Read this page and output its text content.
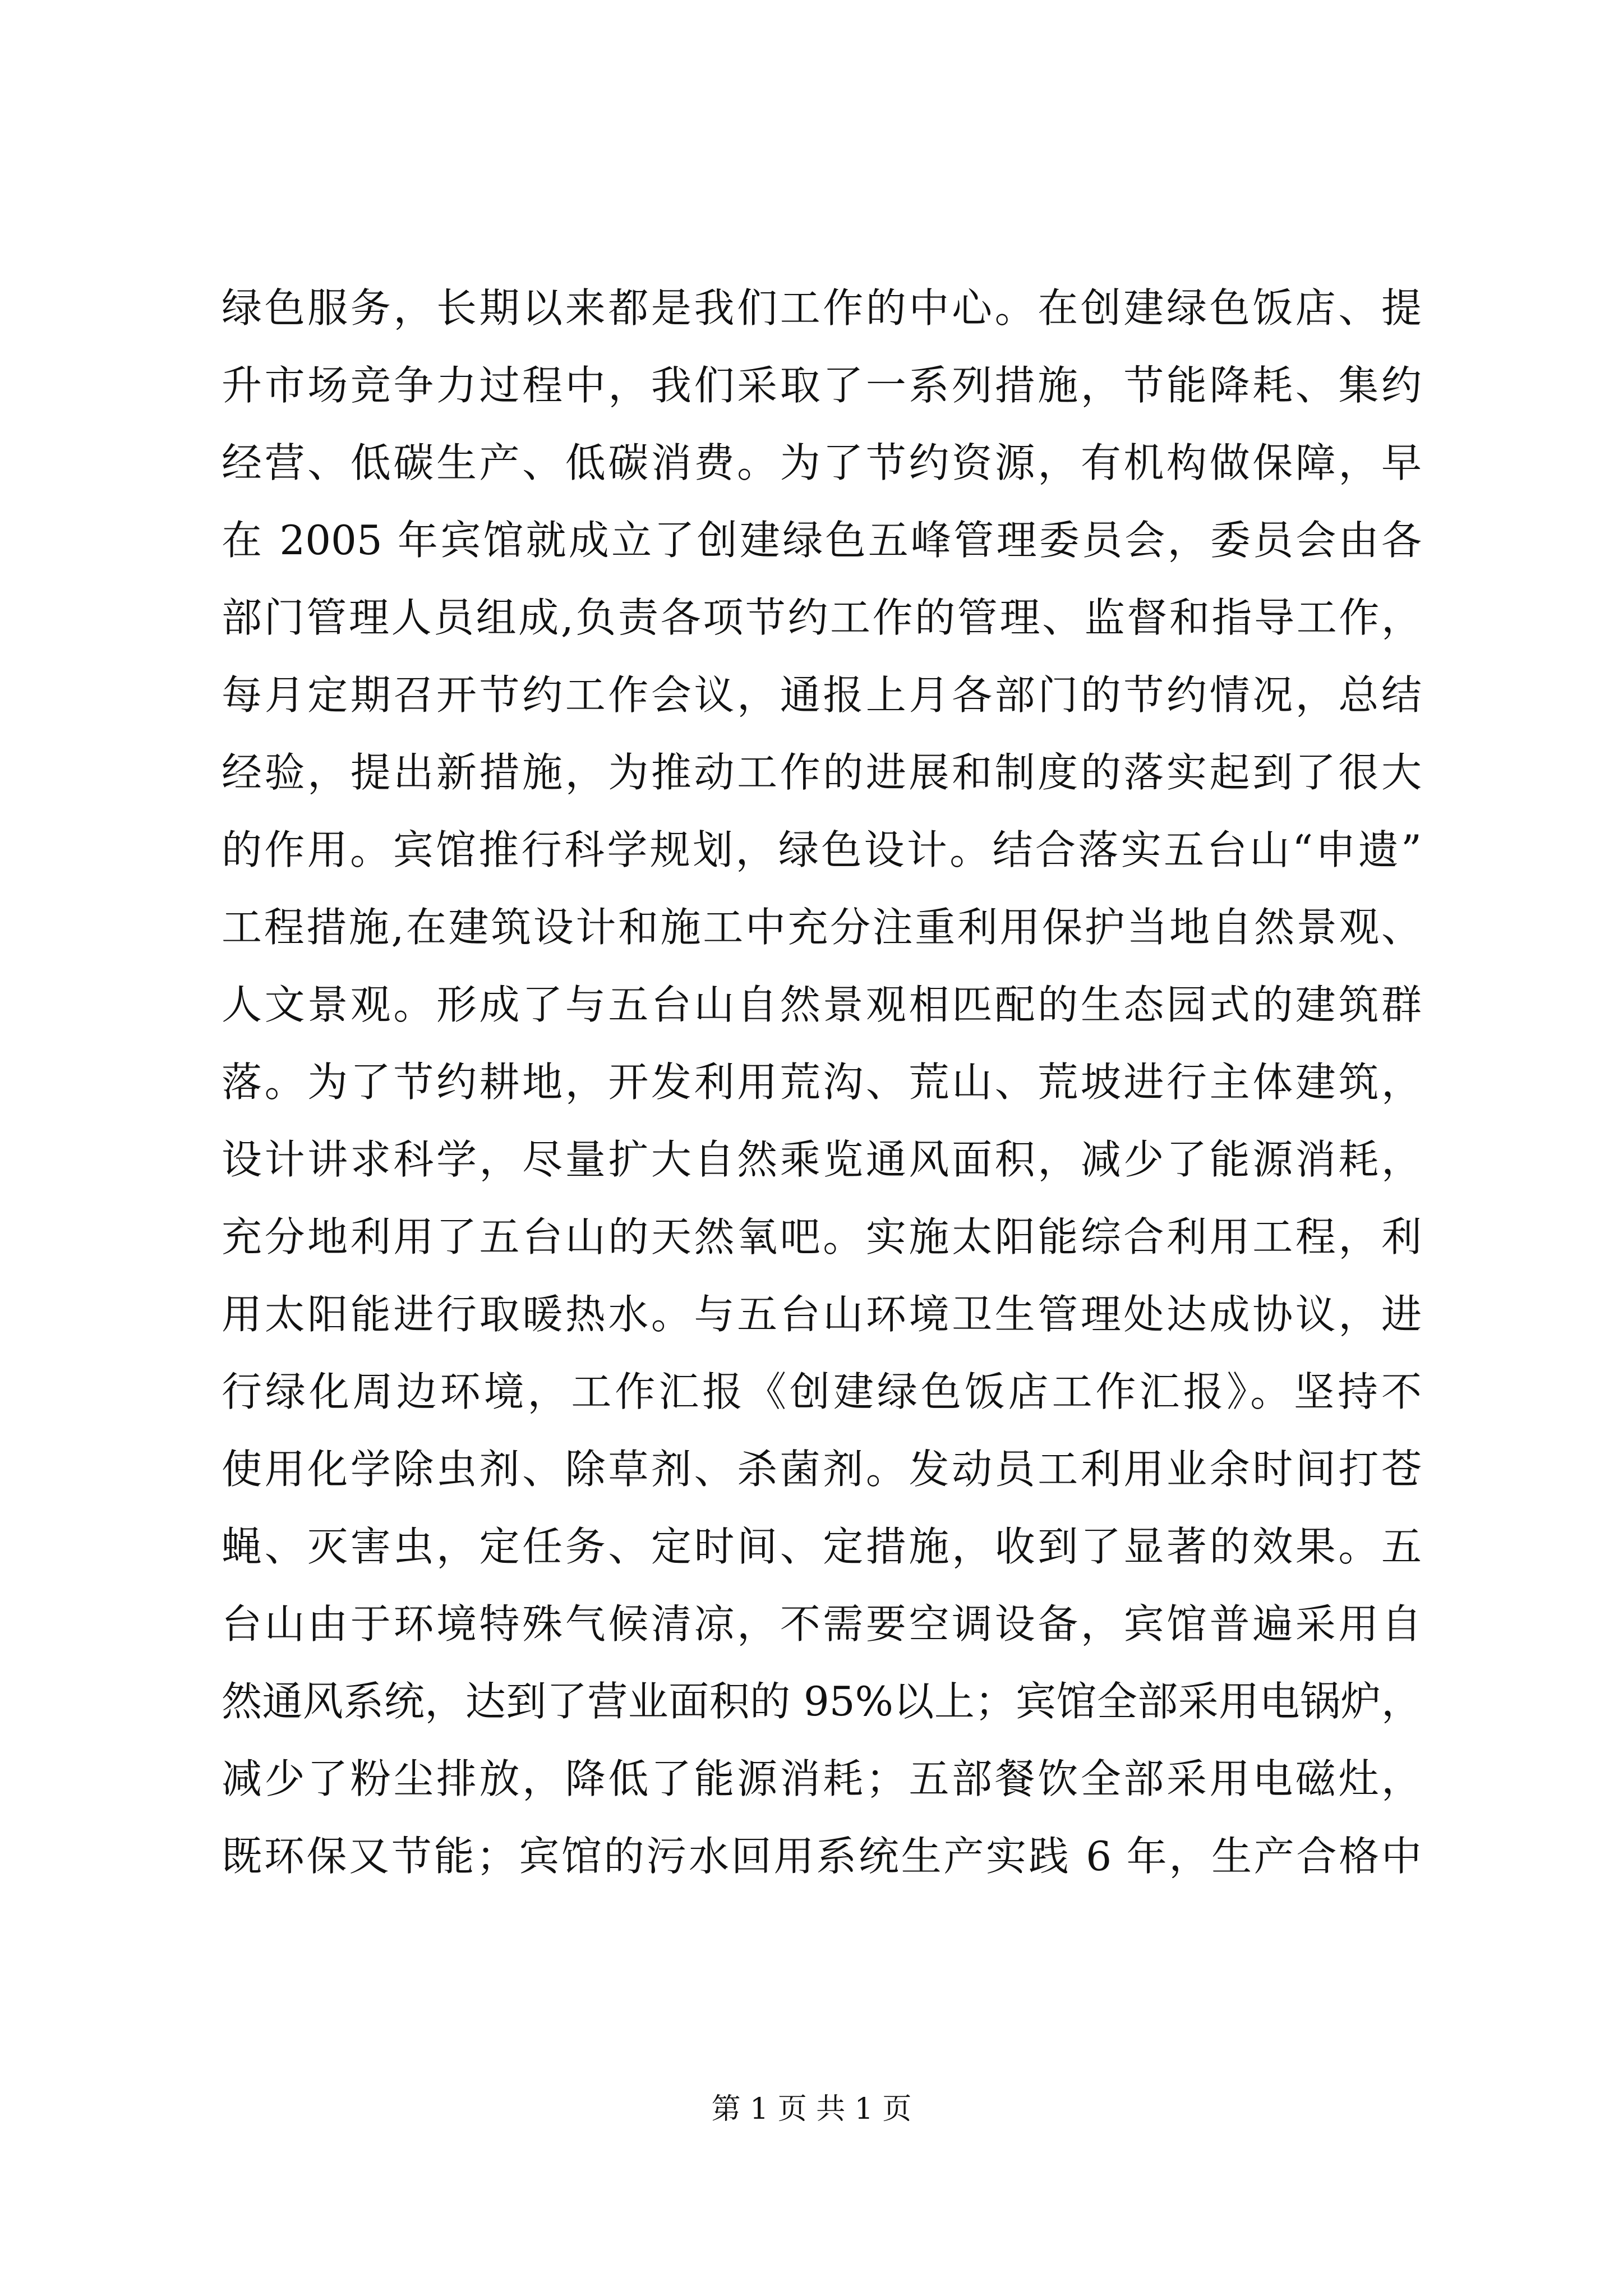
绿色服务，长期以来都是我们工作的中心。在创建绿色饭店、提
升市场竞争力过程中，我们采取了一系列措施，节能降耗、集约
经营、低碳生产、低碳消费。为了节约资源，有机构做保障，早
在 2005 年宾馆就成立了创建绿色五峰管理委员会，委员会由各
部门管理人员组成,负责各项节约工作的管理、监督和指导工作，
每月定期召开节约工作会议，通报上月各部门的节约情况，总结
经验，提出新措施，为推动工作的进展和制度的落实起到了很大
的作用。宾馆推行科学规划，绿色设计。结合落实五台山“申遗”
工程措施,在建筑设计和施工中充分注重利用保护当地自然景观、
人文景观。形成了与五台山自然景观相匹配的生态园式的建筑群
落。为了节约耕地，开发利用荒沟、荒山、荒坡进行主体建筑，
设计讲求科学，尽量扩大自然乘览通风面积，减少了能源消耗，
充分地利用了五台山的天然氧吧。实施太阳能综合利用工程，利
用太阳能进行取暖热水。与五台山环境卫生管理处达成协议，进
行绿化周边环境，工作汇报《创建绿色饭店工作汇报》。坚持不
使用化学除虫剂、除草剂、杀菌剂。发动员工利用业余时间打苍
蝇、灭害虫，定任务、定时间、定措施，收到了显著的效果。五
台山由于环境特殊气候清凉，不需要空调设备，宾馆普遍采用自
然通风系统，达到了营业面积的 95%以上；宾馆全部采用电锅炉，
减少了粉尘排放，降低了能源消耗；五部餐饮全部采用电磁灶，
既环保又节能；宾馆的污水回用系统生产实践 6 年，生产合格中
第 1 页 共 1 页
